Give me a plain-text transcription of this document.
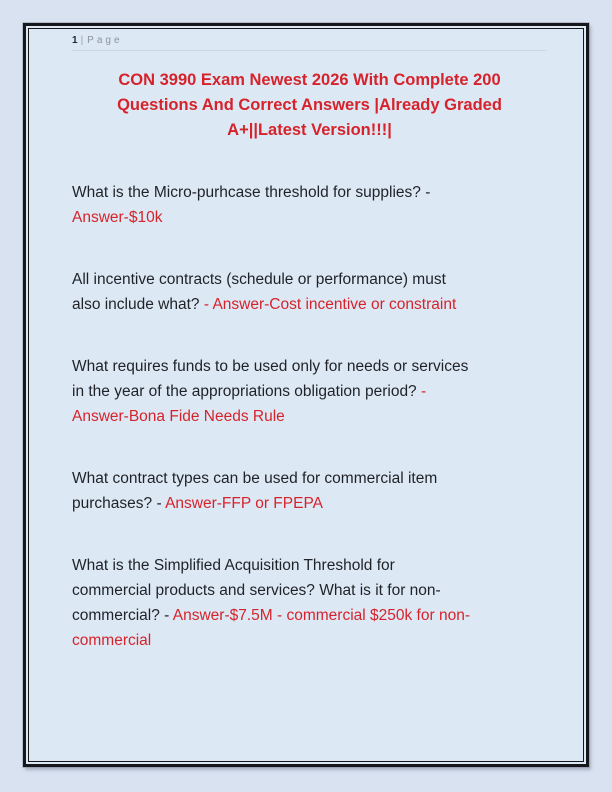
1 | Page
CON 3990 Exam Newest 2026 With Complete 200
Questions And Correct Answers |Already Graded
A+||Latest Version!!!|
What is the Micro-purhcase threshold for supplies? -
Answer-$10k
All incentive contracts (schedule or performance) must
also include what? - Answer-Cost incentive or constraint
What requires funds to be used only for needs or services
in the year of the appropriations obligation period? -
Answer-Bona Fide Needs Rule
What contract types can be used for commercial item
purchases? - Answer-FFP or FPEPA
What is the Simplified Acquisition Threshold for
commercial products and services? What is it for non-
commercial? - Answer-$7.5M - commercial $250k for non-
commercial
